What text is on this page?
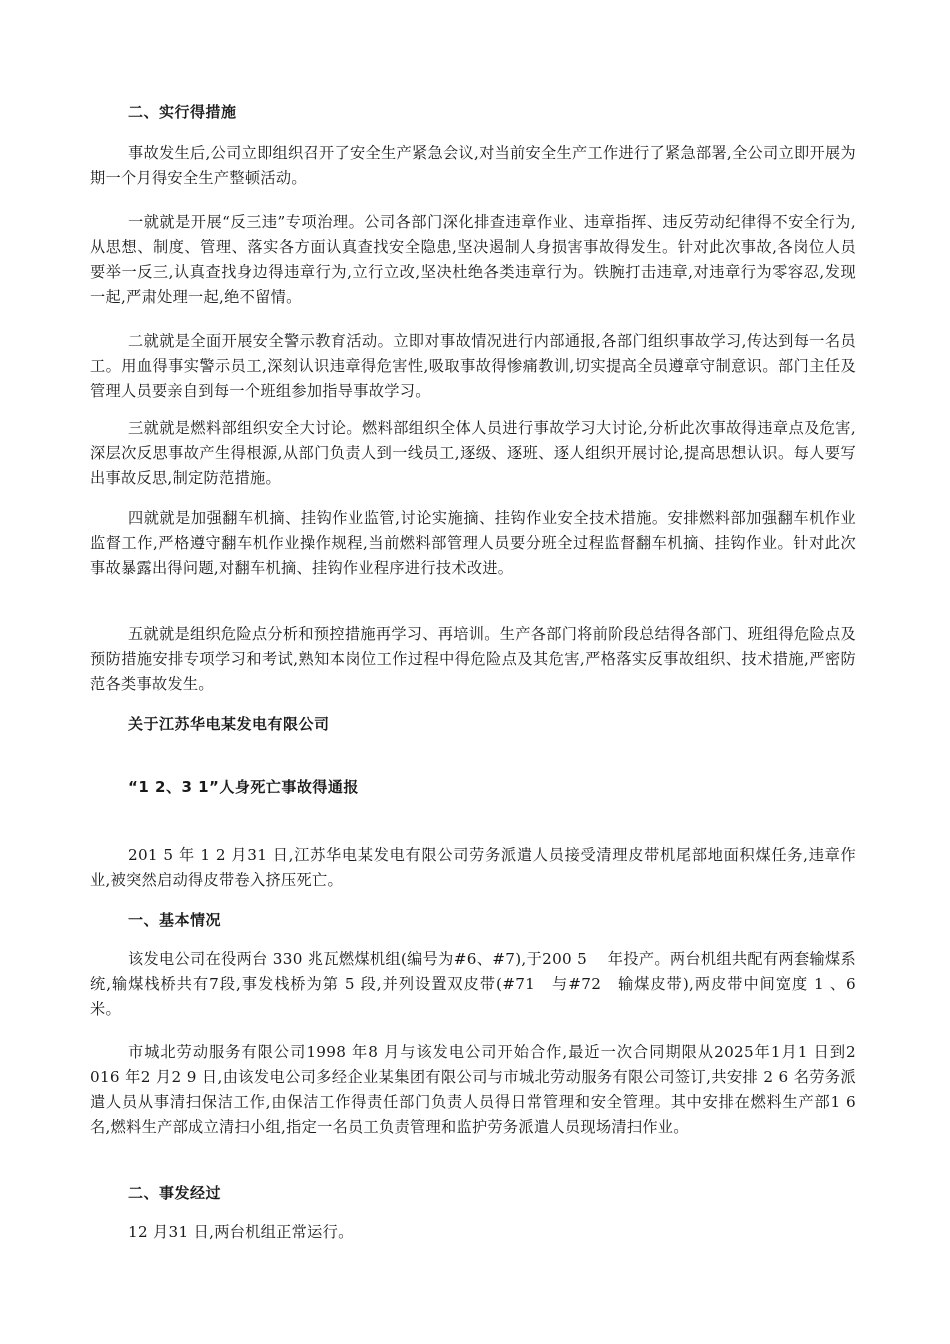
二、实行得措施

事故发生后,公司立即组织召开了安全生产紧急会议,对当前安全生产工作进行了紧急部署,全公司立即开展为期一个月得安全生产整顿活动。

一就就是开展“反三违”专项治理。公司各部门深化排查违章作业、违章指挥、违反劳动纪律得不安全行为,从思想、制度、管理、落实各方面认真查找安全隐患,坚决遏制人身损害事故得发生。针对此次事故,各岗位人员要举一反三,认真查找身边得违章行为,立行立改,坚决杜绝各类违章行为。铁腕打击违章,对违章行为零容忍,发现一起,严肃处理一起,绝不留情。

二就就是全面开展安全警示教育活动。立即对事故情况进行内部通报,各部门组织事故学习,传达到每一名员工。用血得事实警示员工,深刻认识违章得危害性,吸取事故得惨痛教训,切实提高全员遵章守制意识。部门主任及管理人员要亲自到每一个班组参加指导事故学习。

三就就是燃料部组织安全大讨论。燃料部组织全体人员进行事故学习大讨论,分析此次事故得违章点及危害,深层次反思事故产生得根源,从部门负责人到一线员工,逐级、逐班、逐人组织开展讨论,提高思想认识。每人要写出事故反思,制定防范措施。

四就就是加强翻车机摘、挂钩作业监管,讨论实施摘、挂钩作业安全技术措施。安排燃料部加强翻车机作业监督工作,严格遵守翻车机作业操作规程,当前燃料部管理人员要分班全过程监督翻车机摘、挂钩作业。针对此次事故暴露出得问题,对翻车机摘、挂钩作业程序进行技术改进。

五就就是组织危险点分析和预控措施再学习、再培训。生产各部门将前阶段总结得各部门、班组得危险点及预防措施安排专项学习和考试,熟知本岗位工作过程中得危险点及其危害,严格落实反事故组织、技术措施,严密防范各类事故发生。

关于江苏华电某发电有限公司
“1 2、3 1”人身死亡事故得通报

201 5 年 1 2 月31 日,江苏华电某发电有限公司劳务派遣人员接受清理皮带机尾部地面积煤任务,违章作业,被突然启动得皮带卷入挤压死亡。

一、基本情况

该发电公司在役两台 330 兆瓦燃煤机组(编号为#6、#7),于200 5　 年投产。两台机组共配有两套输煤系统,输煤栈桥共有7段,事发栈桥为第 5 段,并列设置双皮带(#71　与#72　输煤皮带),两皮带中间宽度 1 、6 米。

市城北劳动服务有限公司1998 年8 月与该发电公司开始合作,最近一次合同期限从2025年1月1 日到2 016 年2 月2 9 日,由该发电公司多经企业某集团有限公司与市城北劳动服务有限公司签订,共安排 2 6 名劳务派遣人员从事清扫保洁工作,由保洁工作得责任部门负责人员得日常管理和安全管理。其中安排在燃料生产部1 6 名,燃料生产部成立清扫小组,指定一名员工负责管理和监护劳务派遣人员现场清扫作业。

二、事发经过

12 月31 日,两台机组正常运行。
